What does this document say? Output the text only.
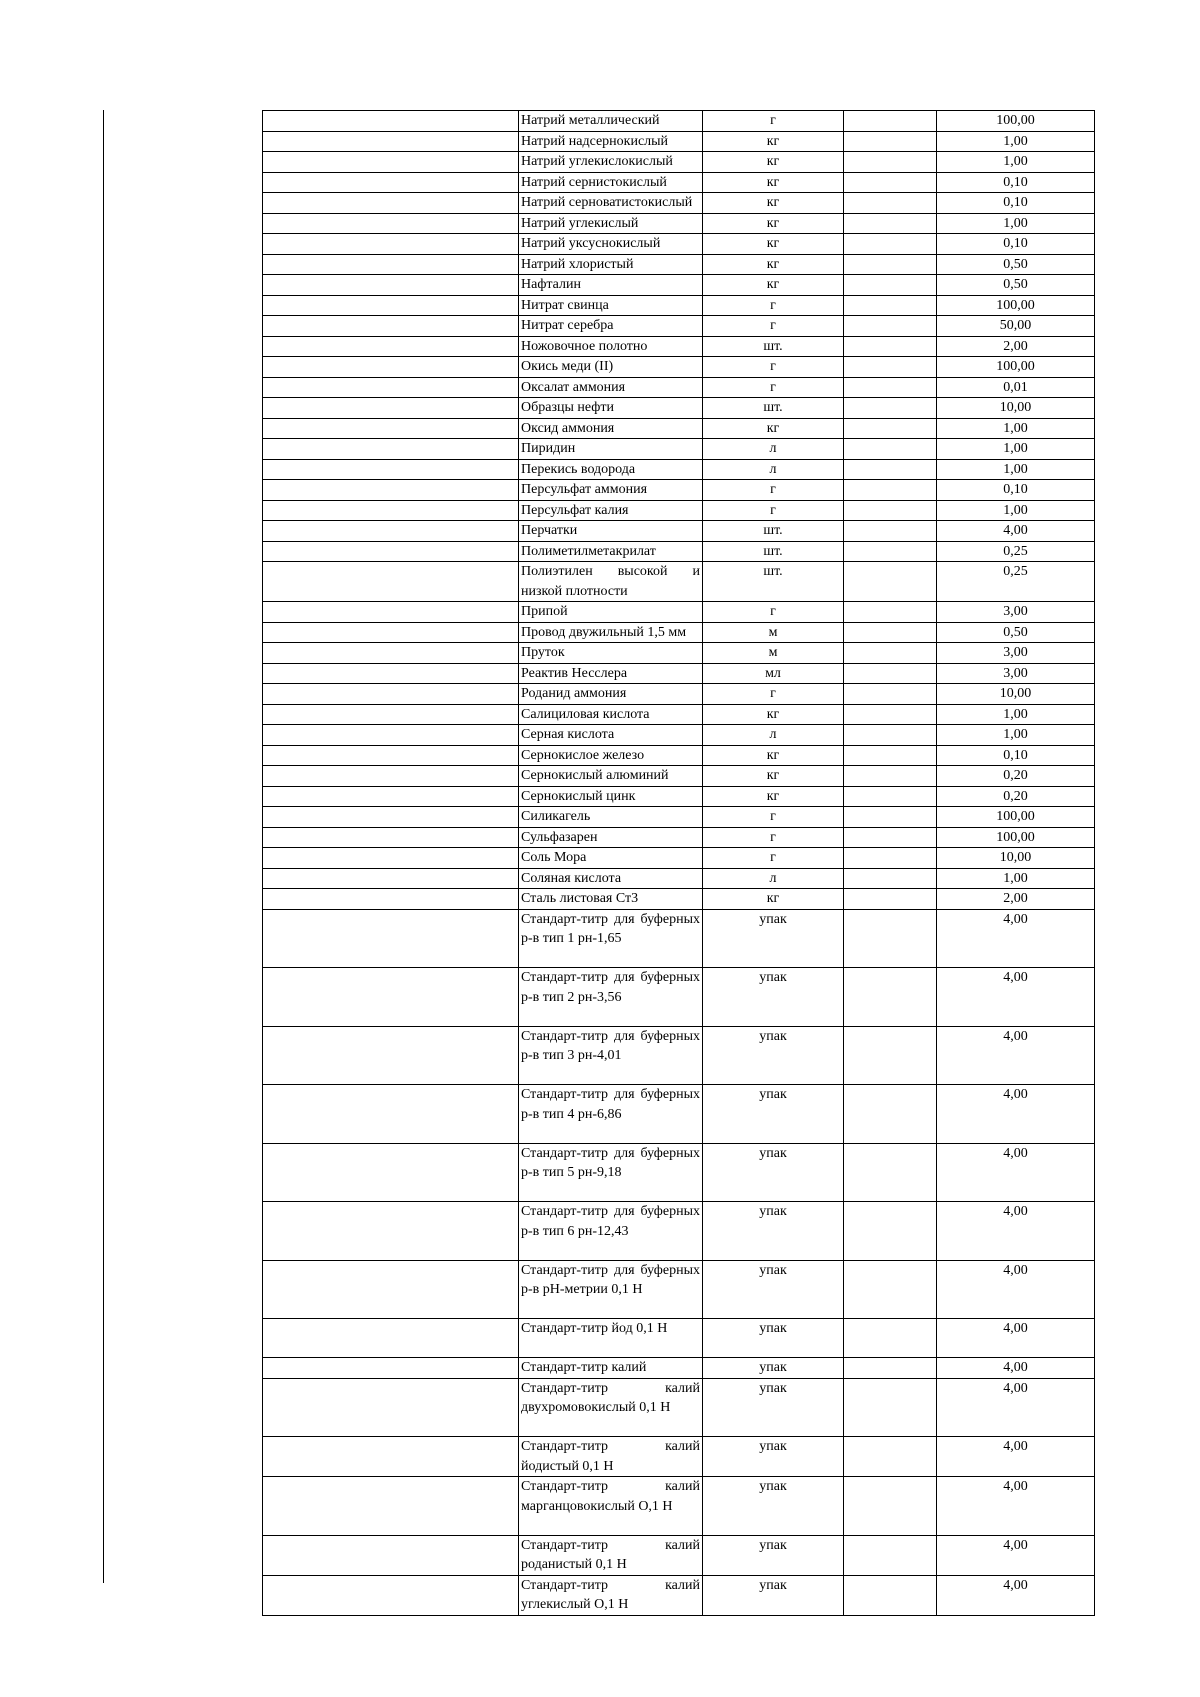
	Натрий металлический	г		100,00
	Натрий надсернокислый	кг		1,00
	Натрий углекислокислый	кг		1,00
	Натрий сернистокислый	кг		0,10
	Натрий серноватистокислый	кг		0,10
	Натрий углекислый	кг		1,00
	Натрий уксуснокислый	кг		0,10
	Натрий хлористый	кг		0,50
	Нафталин	кг		0,50
	Нитрат свинца	г		100,00
	Нитрат серебра	г		50,00
	Ножовочное полотно	шт.		2,00
	Окись меди (II)	г		100,00
	Оксалат аммония	г		0,01
	Образцы нефти	шт.		10,00
	Оксид аммония	кг		1,00
	Пиридин	л		1,00
	Перекись водорода	л		1,00
	Персульфат аммония	г		0,10
	Персульфат калия	г		1,00
	Перчатки	шт.		4,00
	Полиметилметакрилат	шт.		0,25
	Полиэтилен высокой и низкой плотности	шт.		0,25
	Припой	г		3,00
	Провод двужильный 1,5 мм	м		0,50
	Пруток	м		3,00
	Реактив Несслера	мл		3,00
	Роданид аммония	г		10,00
	Салициловая кислота	кг		1,00
	Серная кислота	л		1,00
	Сернокислое железо	кг		0,10
	Сернокислый алюминий	кг		0,20
	Сернокислый цинк	кг		0,20
	Силикагель	г		100,00
	Сульфазарен	г		100,00
	Соль Мора	г		10,00
	Соляная кислота	л		1,00
	Сталь листовая Ст3	кг		2,00
	Стандарт-титр для буферных р-в тип 1 рн-1,65	упак		4,00
	Стандарт-титр для буферных р-в тип 2 рн-3,56	упак		4,00
	Стандарт-титр для буферных р-в тип 3 рн-4,01	упак		4,00
	Стандарт-титр для буферных р-в тип 4 рн-6,86	упак		4,00
	Стандарт-титр для буферных р-в тип 5 рн-9,18	упак		4,00
	Стандарт-титр для буферных р-в тип 6 рн-12,43	упак		4,00
	Стандарт-титр для буферных р-в pH-метрии 0,1 Н	упак		4,00
	Стандарт-титр йод 0,1 Н	упак		4,00
	Стандарт-титр калий	упак		4,00
	Стандарт-титр калий двухромовокислый 0,1 Н	упак		4,00
	Стандарт-титр калий йодистый 0,1 Н	упак		4,00
	Стандарт-титр калий марганцовокислый О,1 Н	упак		4,00
	Стандарт-титр калий роданистый 0,1 Н	упак		4,00
	Стандарт-титр калий углекислый О,1 Н	упак		4,00
